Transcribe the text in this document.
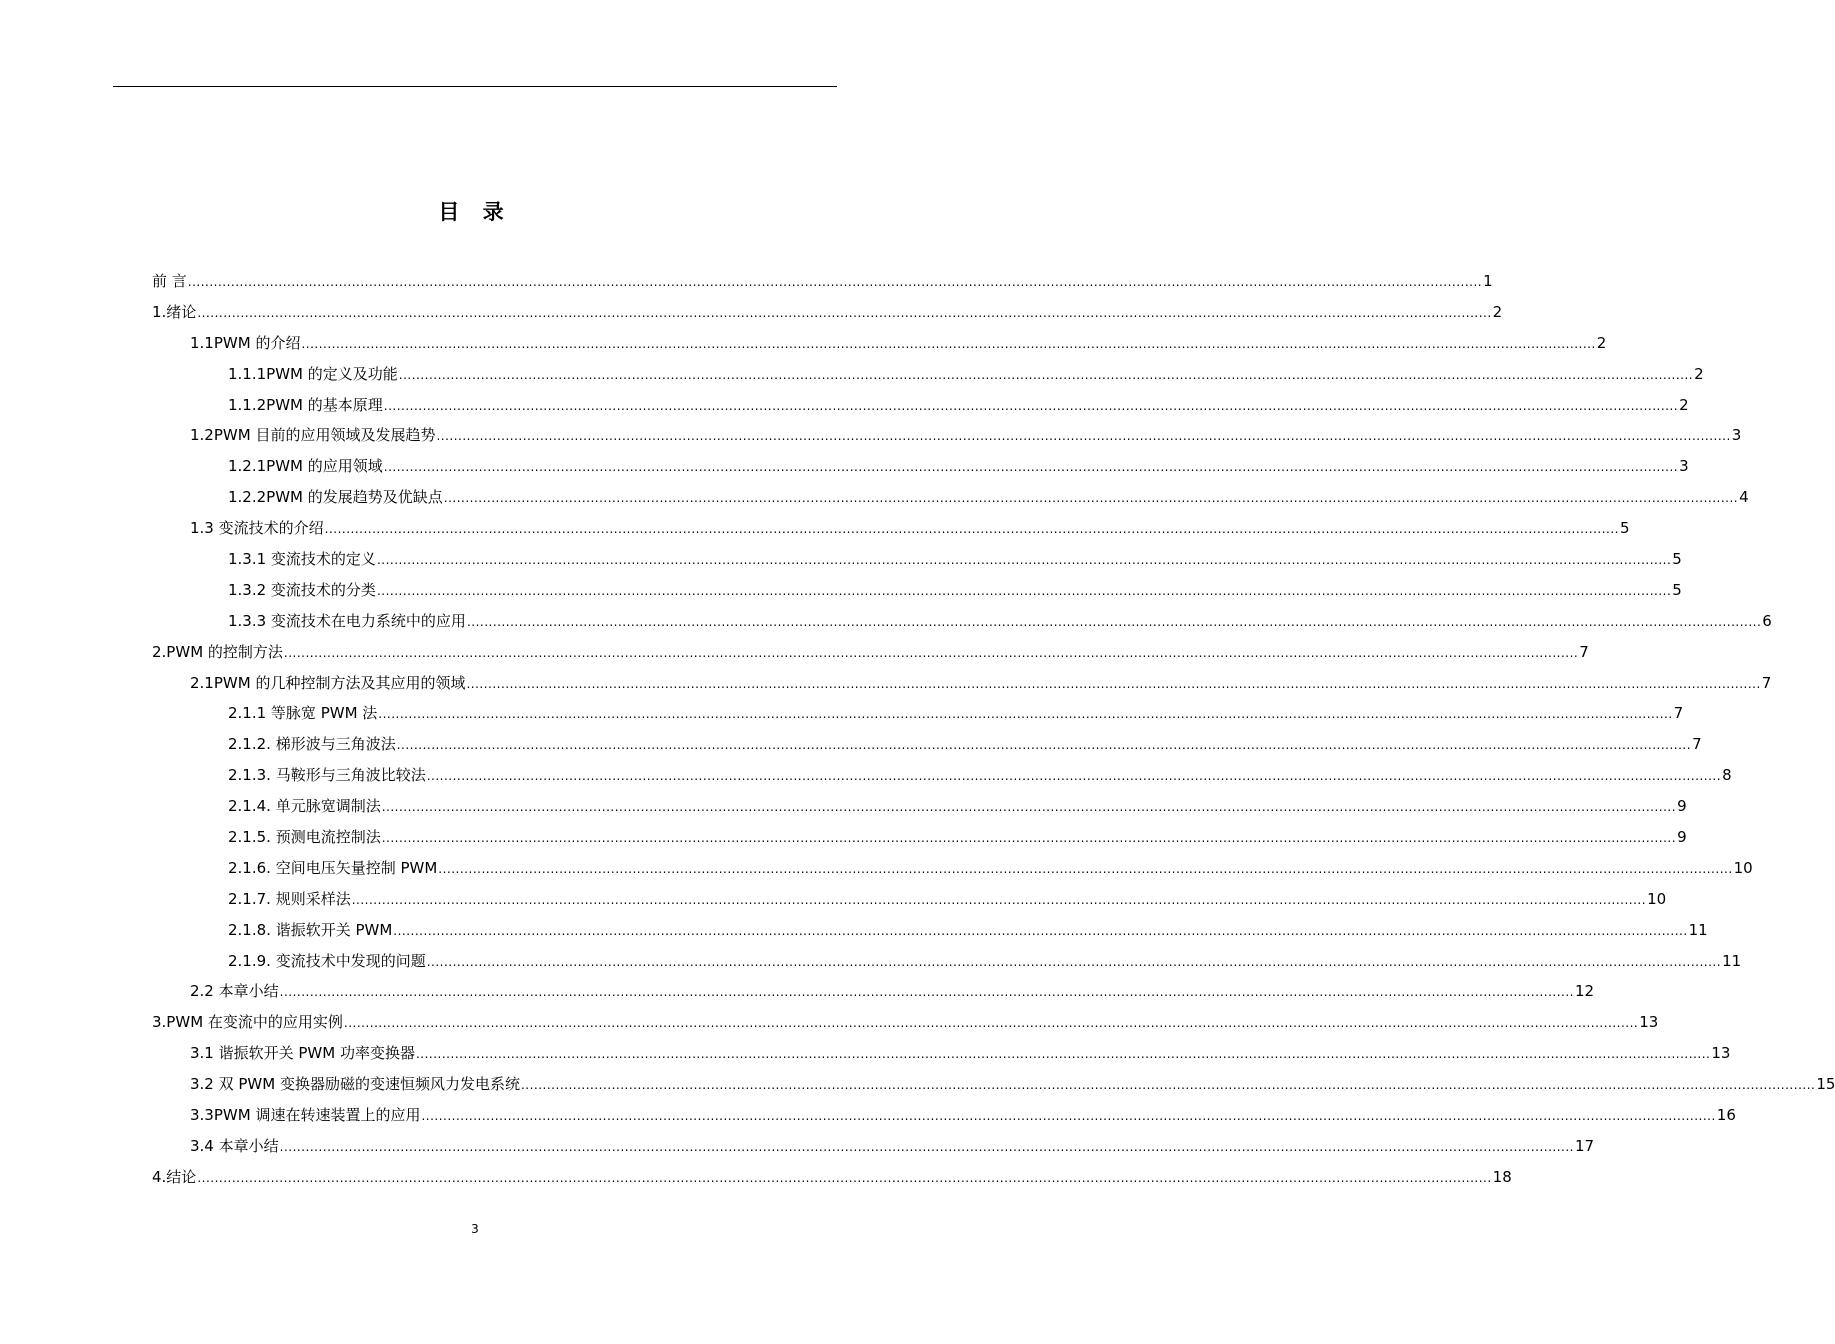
目 录
前 言 ............................................................................................................................................................................................................................................................................................................ 1
1.绪论 ............................................................................................................................................................................................................................................................................................................ 2
1.1PWM 的介绍 ............................................................................................................................................................................................................................................................................................................ 2
1.1.1PWM 的定义及功能 ............................................................................................................................................................................................................................................................................................................ 2
1.1.2PWM 的基本原理 ............................................................................................................................................................................................................................................................................................................ 2
1.2PWM 目前的应用领域及发展趋势 ............................................................................................................................................................................................................................................................................................................ 3
1.2.1PWM 的应用领域 ............................................................................................................................................................................................................................................................................................................ 3
1.2.2PWM 的发展趋势及优缺点 ............................................................................................................................................................................................................................................................................................................ 4
1.3 变流技术的介绍 ............................................................................................................................................................................................................................................................................................................ 5
1.3.1 变流技术的定义 ............................................................................................................................................................................................................................................................................................................ 5
1.3.2 变流技术的分类 ............................................................................................................................................................................................................................................................................................................ 5
1.3.3 变流技术在电力系统中的应用 ............................................................................................................................................................................................................................................................................................................ 6
2.PWM 的控制方法 ............................................................................................................................................................................................................................................................................................................ 7
2.1PWM 的几种控制方法及其应用的领域 ............................................................................................................................................................................................................................................................................................................ 7
2.1.1 等脉宽 PWM 法 ............................................................................................................................................................................................................................................................................................................ 7
2.1.2. 梯形波与三角波法 ............................................................................................................................................................................................................................................................................................................ 7
2.1.3. 马鞍形与三角波比较法 ............................................................................................................................................................................................................................................................................................................ 8
2.1.4. 单元脉宽调制法 ............................................................................................................................................................................................................................................................................................................ 9
2.1.5. 预测电流控制法 ............................................................................................................................................................................................................................................................................................................ 9
2.1.6. 空间电压矢量控制 PWM ............................................................................................................................................................................................................................................................................................................ 10
2.1.7. 规则采样法 ............................................................................................................................................................................................................................................................................................................ 10
2.1.8. 谐振软开关 PWM ............................................................................................................................................................................................................................................................................................................ 11
2.1.9. 变流技术中发现的问题 ............................................................................................................................................................................................................................................................................................................ 11
2.2 本章小结 ............................................................................................................................................................................................................................................................................................................ 12
3.PWM 在变流中的应用实例 ............................................................................................................................................................................................................................................................................................................ 13
3.1 谐振软开关 PWM 功率变换器 ............................................................................................................................................................................................................................................................................................................ 13
3.2 双 PWM 变换器励磁的变速恒频风力发电系统 ............................................................................................................................................................................................................................................................................................................ 15
3.3PWM 调速在转速装置上的应用 ............................................................................................................................................................................................................................................................................................................ 16
3.4 本章小结 ............................................................................................................................................................................................................................................................................................................ 17
4.结论 ............................................................................................................................................................................................................................................................................................................ 18
3
